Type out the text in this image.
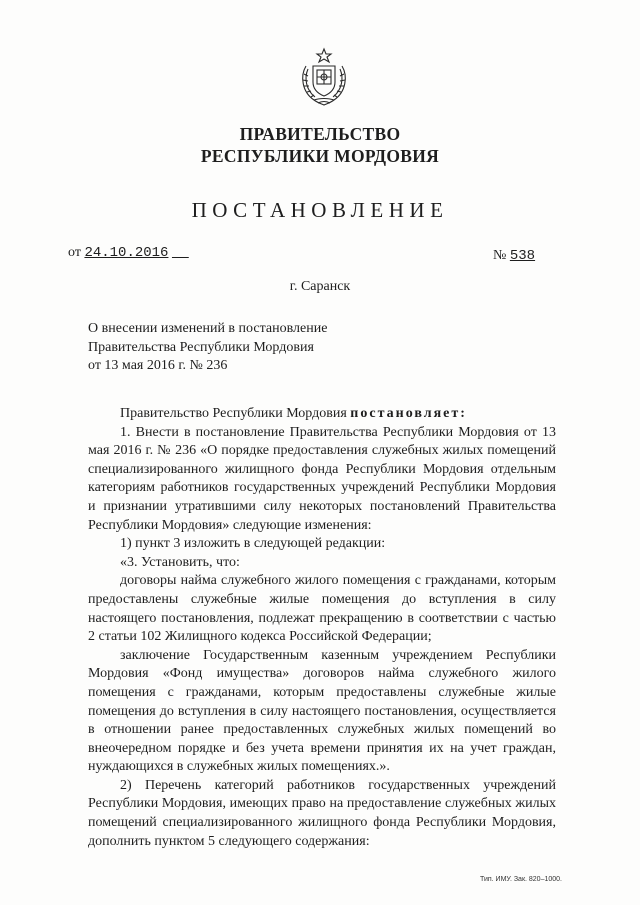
ПРАВИТЕЛЬСТВО
РЕСПУБЛИКИ МОРДОВИЯ
ПОСТАНОВЛЕНИЕ
от 24.10.2016	№ 538
г. Саранск
О внесении изменений в постановление
Правительства Республики Мордовия
от 13 мая 2016 г. № 236

Правительство Республики Мордовия постановляет:

1. Внести в постановление Правительства Республики Мордовия от 13 мая 2016 г. № 236 «О порядке предоставления служебных жилых помещений специализированного жилищного фонда Республики Мордовия отдельным категориям работников государственных учреждений Республики Мордовия и признании утратившими силу некоторых постановлений Правительства Республики Мордовия» следующие изменения:

1) пункт 3 изложить в следующей редакции:

«3. Установить, что:

договоры найма служебного жилого помещения с гражданами, которым предоставлены служебные жилые помещения до вступления в силу настоящего постановления, подлежат прекращению в соответствии с частью 2 статьи 102 Жилищного кодекса Российской Федерации;

заключение Государственным казенным учреждением Республики Мордовия «Фонд имущества» договоров найма служебного жилого помещения с гражданами, которым предоставлены служебные жилые помещения до вступления в силу настоящего постановления, осуществляется в отношении ранее предоставленных служебных жилых помещений во внеочередном порядке и без учета времени принятия их на учет граждан, нуждающихся в служебных жилых помещениях.».

2) Перечень категорий работников государственных учреждений Республики Мордовия, имеющих право на предоставление служебных жилых помещений специализированного жилищного фонда Республики Мордовия, дополнить пунктом 5 следующего содержания:

Тип. ИМУ. Зак. 820–1000.
